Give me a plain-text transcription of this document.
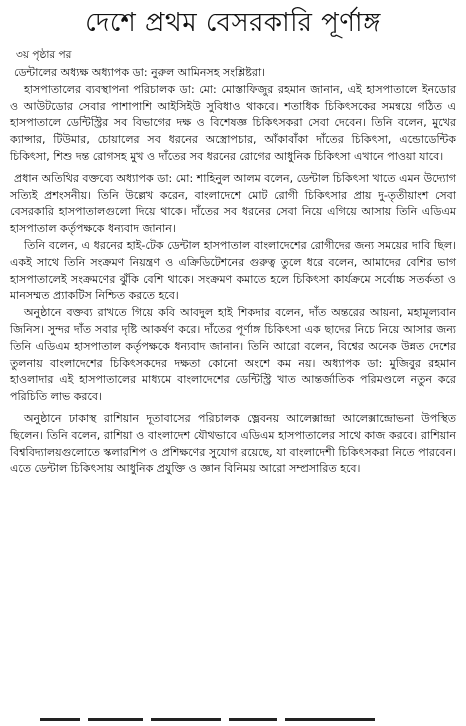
দেশে প্রথম বেসরকারি পূর্ণাঙ্গ
৩য় পৃষ্ঠার পর

ডেন্টালের অধ্যক্ষ অধ্যাপক ডা: নুরুল আমিনসহ সংশ্লিষ্টরা।

হাসপাতালের ব্যবস্থাপনা পরিচালক ডা: মো: মোস্তাফিজুর রহমান জানান, এই হাসপাতালে ইনডোর ও আউটডোর সেবার পাশাপাশি আইসিইউ সুবিধাও থাকবে। শতাধিক চিকিৎসকের সমন্বয়ে গঠিত এ হাসপাতালে ডেন্টিস্ট্রির সব বিভাগের দক্ষ ও বিশেষজ্ঞ চিকিৎসকরা সেবা দেবেন। তিনি বলেন, মুখের ক্যান্সার, টিউমার, চোয়ালের সব ধরনের অস্ত্রোপচার, আঁকাবাঁকা দাঁতের চিকিৎসা, এন্ডোডেন্টিক চিকিৎসা, শিশু দন্ত রোগসহ মুখ ও দাঁতের সব ধরনের রোগের আধুনিক চিকিৎসা এখানে পাওয়া যাবে।

প্রধান অতিথির বক্তব্যে অধ্যাপক ডা: মো: শাহিনুল আলম বলেন, ডেন্টাল চিকিৎসা খাতে এমন উদ্যোগ সত্যিই প্রশংসনীয়। তিনি উল্লেখ করেন, বাংলাদেশে মোট রোগী চিকিৎসার প্রায় দু-তৃতীয়াংশ সেবা বেসরকারি হাসপাতালগুলো দিয়ে থাকে। দাঁতের সব ধরনের সেবা নিয়ে এগিয়ে আসায় তিনি এডিএম হাসপাতাল কর্তৃপক্ষকে ধন্যবাদ জানান।

তিনি বলেন, এ ধরনের হাই-টেক ডেন্টাল হাসপাতাল বাংলাদেশের রোগীদের জন্য সময়ের দাবি ছিল। একই সাথে তিনি সংক্রমণ নিয়ন্ত্রণ ও এক্রিডিটেশনের গুরুত্ব তুলে ধরে বলেন, আমাদের বেশির ভাগ হাসপাতালেই সংক্রমণের ঝুঁকি বেশি থাকে। সংক্রমণ কমাতে হলে চিকিৎসা কার্যক্রমে সর্বোচ্চ সতর্কতা ও মানসম্মত প্র্যাকটিস নিশ্চিত করতে হবে।

অনুষ্ঠানে বক্তব্য রাখতে গিয়ে কবি আবদুল হাই শিকদার বলেন, দাঁত অন্তরের আয়না, মহামূল্যবান জিনিস। সুন্দর দাঁত সবার দৃষ্টি আকর্ষণ করে। দাঁতের পূর্ণাঙ্গ চিকিৎসা এক ছাদের নিচে নিয়ে আসার জন্য তিনি এডিএম হাসপাতাল কর্তৃপক্ষকে ধন্যবাদ জানান। তিনি আরো বলেন, বিশ্বের অনেক উন্নত দেশের তুলনায় বাংলাদেশের চিকিৎসকদের দক্ষতা কোনো অংশে কম নয়। অধ্যাপক ডা: মুজিবুর রহমান হাওলাদার এই হাসপাতালের মাধ্যমে বাংলাদেশের ডেন্টিস্ট্রি খাত আন্তর্জাতিক পরিমণ্ডলে নতুন করে পরিচিতি লাভ করবে।

অনুষ্ঠানে ঢাকাস্থ রাশিয়ান দূতাবাসের পরিচালক ভ্লেবনয় আলেক্সান্দ্রা আলেক্সান্দ্রোভনা উপস্থিত ছিলেন। তিনি বলেন, রাশিয়া ও বাংলাদেশ যৌথভাবে এডিএম হাসপাতালের সাথে কাজ করবে। রাশিয়ান বিশ্ববিদ্যালয়গুলোতে স্কলারশিপ ও প্রশিক্ষণের সুযোগ রয়েছে, যা বাংলাদেশী চিকিৎসকরা নিতে পারবেন। এতে ডেন্টাল চিকিৎসায় আধুনিক প্রযুক্তি ও জ্ঞান বিনিময় আরো সম্প্রসারিত হবে।
